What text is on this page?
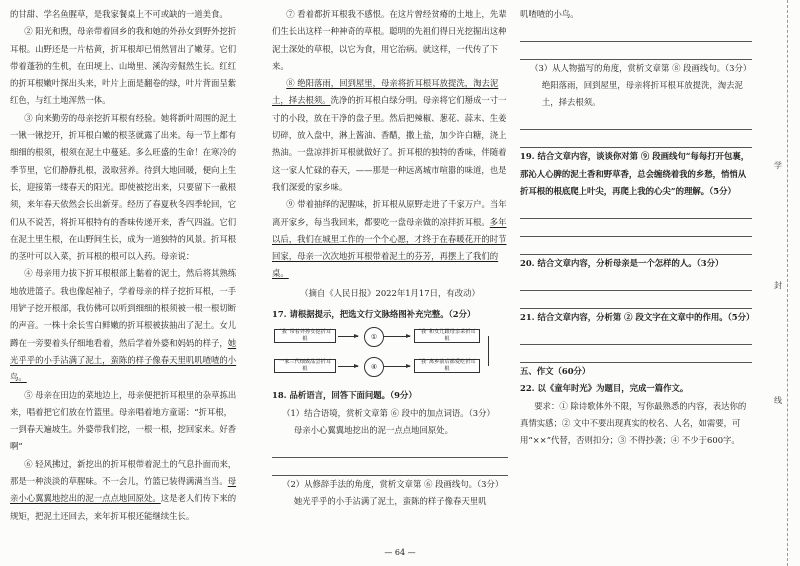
的甘甜、学名鱼腥草，是我家餐桌上不可或缺的一道美食。

② 阳光和煦，母亲带着回乡的我和她的外孙女到野外挖折耳根。山野还是一片枯黄，折耳根却已悄然冒出了嫩芽。它们带着蓬勃的生机，在田埂上、山坳里、溪沟旁倔然生长。红红的折耳根嫩叶探出头来，叶片上面是翻卷的绿，叶片背面呈紫红色，与红土地浑然一体。

③ 向来勤劳的母亲挖折耳根有经验。她将新叶周围的泥土一锹一锹挖开，折耳根白嫩的根茎就露了出来。每一节上都有细细的根须，根须在泥土中蔓延。多么旺盛的生命！在寒冷的季节里，它们静静扎根，汲取营养。待到大地回暖，便向上生长，迎接第一缕春天的阳光。即使被挖出来，只要留下一截根须，来年春天依然会长出新芽。经历了春夏秋冬四季轮回，它们从不说苦，将折耳根特有的香味传递开来，香气四溢。它们在泥土里生根，在山野间生长，成为一道独特的风景。折耳根的茎叶可以入菜，折耳根的根可以入药。母亲说：

④ 母亲用力拔下折耳根根部上黏着的泥土，然后将其熟练地放进篮子。我也像起袖子，学着母亲的样子挖折耳根，一手用铲子挖开根部，我仿佛可以听到细细的根须被一根一根切断的声音。一株十余长雪白鲜嫩的折耳根被拔抽出了泥土。女儿蹲在一旁要着头仔细地看着，然后学着外婆和妈妈的样子，她光乎乎的小手沾满了泥土，蛮陈的样子像春天里叽叽喳喳的小鸟。

⑤ 母亲在田边的菜地边上，母亲便把折耳根里的杂草拣出来，唱着把它们放在竹篮里。母亲唱着地方童谣：“折耳根，一到春天遍坡生。外婆带我们挖，一根一根，挖回家来。好香啊”

⑥ 轻风拂过，新挖出的折耳根带着泥土的气息扑面而来，那是一种淡淡的草腥味。不一会儿，竹篮已装得满满当当。母亲小心翼翼地挖出的泥一点点地回原处。这是老人们传下来的规矩，把泥土还回去，来年折耳根还能继续生长。

⑦ 看着都折耳根我不感恨。在这片曾经贫瘠的土地上，先辈们生长出这样一种神奇的草根。聪明的先祖们得日光挖掘出这种泥土深处的草根，以它为食，用它治病。就这样，一代传了下来。

⑧ 绝阳落雨，回到屋里，母亲将折耳根耳放提洗，淘去泥土，择去根须。洗净的折耳根白绿分明。母亲将它们掰成一寸一寸的小段，放在干净的盘子里。然后把辣椒、葱花、蒜末、生姜切碎，放入盘中，淋上酱油、香醋，撒上盐，加少许白糖，浇上热油。一盘凉拌折耳根就做好了。折耳根的独特的香味，伴随着这一家人忙碌的春天，——那是一种远离城市喧嚣的味道，也是我们深爱的家乡味。

⑨ 带着抽绎的泥腥味，折耳根从原野走进了千家万户。当年离开家乡，每当我回来，都要吃一盘母亲做的凉拌折耳根。多年以后，我们在城里工作的一个个心愿，才终于在春暖花开的时节回家，母亲一次次地折耳根带着泥土的芬芳，再摆上了我们的桌。

（摘自《人民日报》2022年1月17日，有改动）

17. 请根据提示，把选文行文脉络图补充完整。（2分）

“我”带着外孙女挖折耳根	①
“我”和女儿跟母亲采折耳根
一家三代细致品尝折耳根	④
“我”离乡前后都爱吃折耳根

18. 品析语言，回答下面问题。（9分）

（1）结合语境，赏析文章第 ⑥ 段中的加点词语。（3分）

母亲小心翼翼地挖出的泥一点点地回原处。

（2）从修辞手法的角度，赏析文章第 ⑥ 段画线句。（3分）

她光乎乎的小手沾满了泥土，蛮陈的样子像春天里叽

叽喳喳的小鸟。

（3）从人物描写的角度，赏析文章第 ⑧ 段画线句。（3分）

绝阳落雨，回到屋里，母亲将折耳根耳放提洗，淘去泥土，择去根须。

19. 结合文章内容，谈谈你对第 ⑨ 段画线句“每每打开包裹，那沁人心脾的泥土香和野草香，总会缠绕着我的乡愁，悄悄从折耳根的根底爬上叶尖，再爬上我的心尖”的理解。（5分）

20. 结合文章内容，分析母亲是一个怎样的人。（3分）

21. 结合文章内容，分析第 ② 段文字在文章中的作用。（5分）

五、作文（60分）

22. 以《童年时光》为题目，完成一篇作文。

要求：① 除诗歌体外不限，写你最熟悉的内容，表达你的真情实感；② 文中不要出现真实的校名、人名，如需要，可用“××”代替，否则扣分；③ 不得抄袭；④ 不少于600字。

学
封
线
— 64 —
